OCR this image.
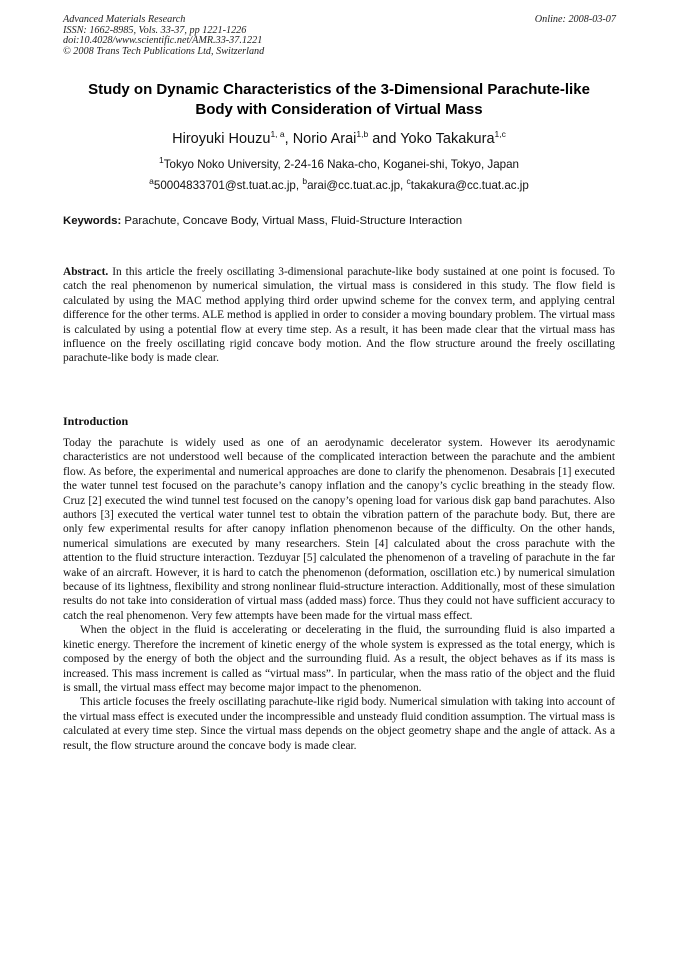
Advanced Materials Research
ISSN: 1662-8985, Vols. 33-37, pp 1221-1226
doi:10.4028/www.scientific.net/AMR.33-37.1221
© 2008 Trans Tech Publications Ltd, Switzerland
Online: 2008-03-07
Study on Dynamic Characteristics of the 3-Dimensional Parachute-like
Body with Consideration of Virtual Mass
Hiroyuki Houzu$^{1, a}$, Norio Arai$^{1,b}$ and Yoko Takakura$^{1,c}$
$^1$Tokyo Noko University, 2-24-16 Naka-cho, Koganei-shi, Tokyo, Japan
$^a$50004833701@st.tuat.ac.jp, $^b$arai@cc.tuat.ac.jp, $^c$takakura@cc.tuat.ac.jp
Keywords: Parachute, Concave Body, Virtual Mass, Fluid-Structure Interaction

Abstract. In this article the freely oscillating 3-dimensional parachute-like body sustained at one point is focused. To catch the real phenomenon by numerical simulation, the virtual mass is considered in this study. The flow field is calculated by using the MAC method applying third order upwind scheme for the convex term, and applying central difference for the other terms. ALE method is applied in order to consider a moving boundary problem. The virtual mass is calculated by using a potential flow at every time step. As a result, it has been made clear that the virtual mass has influence on the freely oscillating rigid concave body motion. And the flow structure around the freely oscillating parachute-like body is made clear.

Introduction

Today the parachute is widely used as one of an aerodynamic decelerator system. However its aerodynamic characteristics are not understood well because of the complicated interaction between the parachute and the ambient flow. As before, the experimental and numerical approaches are done to clarify the phenomenon. Desabrais [1] executed the water tunnel test focused on the parachute’s canopy inflation and the canopy’s cyclic breathing in the steady flow. Cruz [2] executed the wind tunnel test focused on the canopy’s opening load for various disk gap band parachutes. Also authors [3] executed the vertical water tunnel test to obtain the vibration pattern of the parachute body. But, there are only few experimental results for after canopy inflation phenomenon because of the difficulty. On the other hands, numerical simulations are executed by many researchers. Stein [4] calculated about the cross parachute with the attention to the fluid structure interaction. Tezduyar [5] calculated the phenomenon of a traveling of parachute in the far wake of an aircraft. However, it is hard to catch the phenomenon (deformation, oscillation etc.) by numerical simulation because of its lightness, flexibility and strong nonlinear fluid-structure interaction. Additionally, most of these simulation results do not take into consideration of virtual mass (added mass) force. Thus they could not have sufficient accuracy to catch the real phenomenon. Very few attempts have been made for the virtual mass effect.

When the object in the fluid is accelerating or decelerating in the fluid, the surrounding fluid is also imparted a kinetic energy. Therefore the increment of kinetic energy of the whole system is expressed as the total energy, which is composed by the energy of both the object and the surrounding fluid. As a result, the object behaves as if its mass is increased. This mass increment is called as “virtual mass”. In particular, when the mass ratio of the object and the fluid is small, the virtual mass effect may become major impact to the phenomenon.

This article focuses the freely oscillating parachute-like rigid body. Numerical simulation with taking into account of the virtual mass effect is executed under the incompressible and unsteady fluid condition assumption. The virtual mass is calculated at every time step. Since the virtual mass depends on the object geometry shape and the angle of attack. As a result, the flow structure around the concave body is made clear.
